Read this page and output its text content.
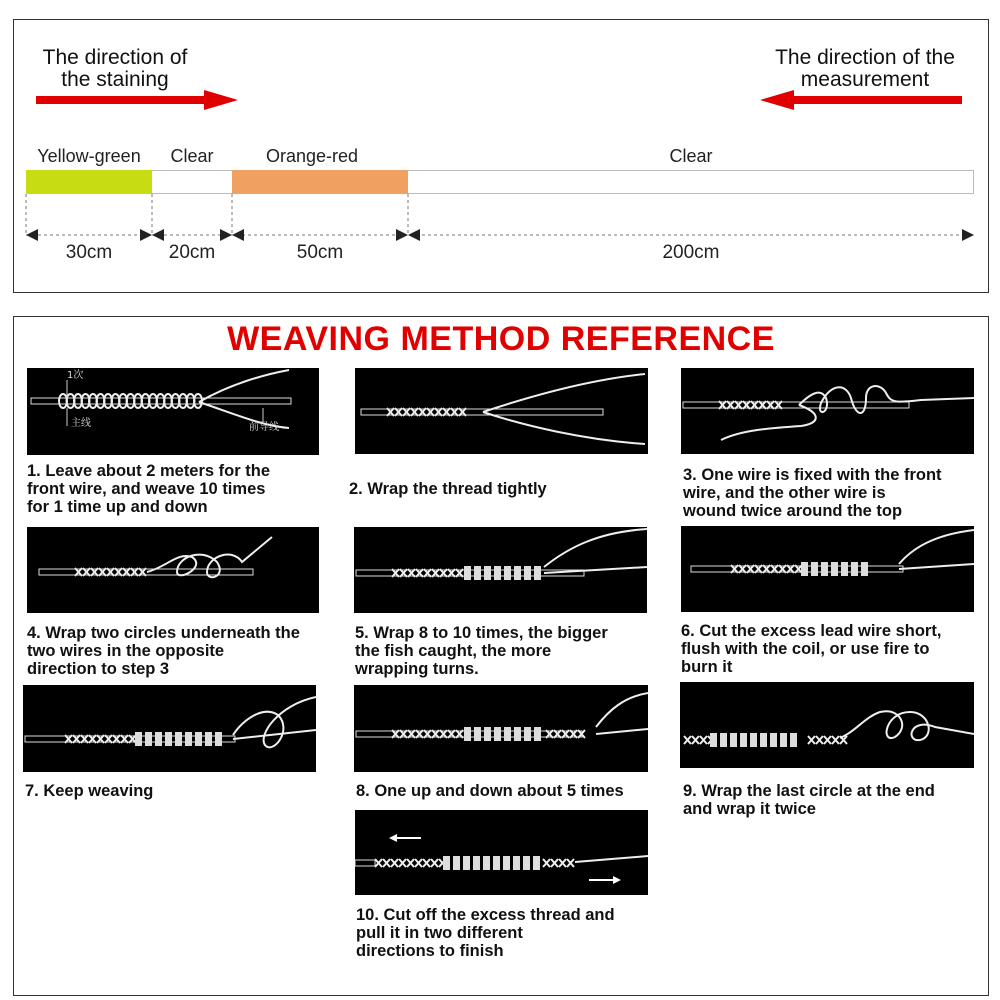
The direction of the staining
The direction of the measurement
Yellow-green	Clear	Orange-red	Clear
30cm	20cm	50cm	200cm
WEAVING METHOD REFERENCE
1次
主线	前导线
1. Leave about 2 meters for the
front wire, and weave 10 times
for 1 time up and down
2. Wrap the thread tightly
3. One wire is fixed with the front
wire, and the other wire is
wound twice around the top
4. Wrap two circles underneath the
two wires in the opposite
direction to step 3
5. Wrap 8 to 10 times, the bigger
the fish caught, the more
wrapping turns.
6. Cut the excess lead wire short,
flush with the coil, or use fire to
burn it
7. Keep weaving	8. One up and down about 5 times	9. Wrap the last circle at the end
and wrap it twice
10. Cut off the excess thread and
pull it in two different
directions to finish
